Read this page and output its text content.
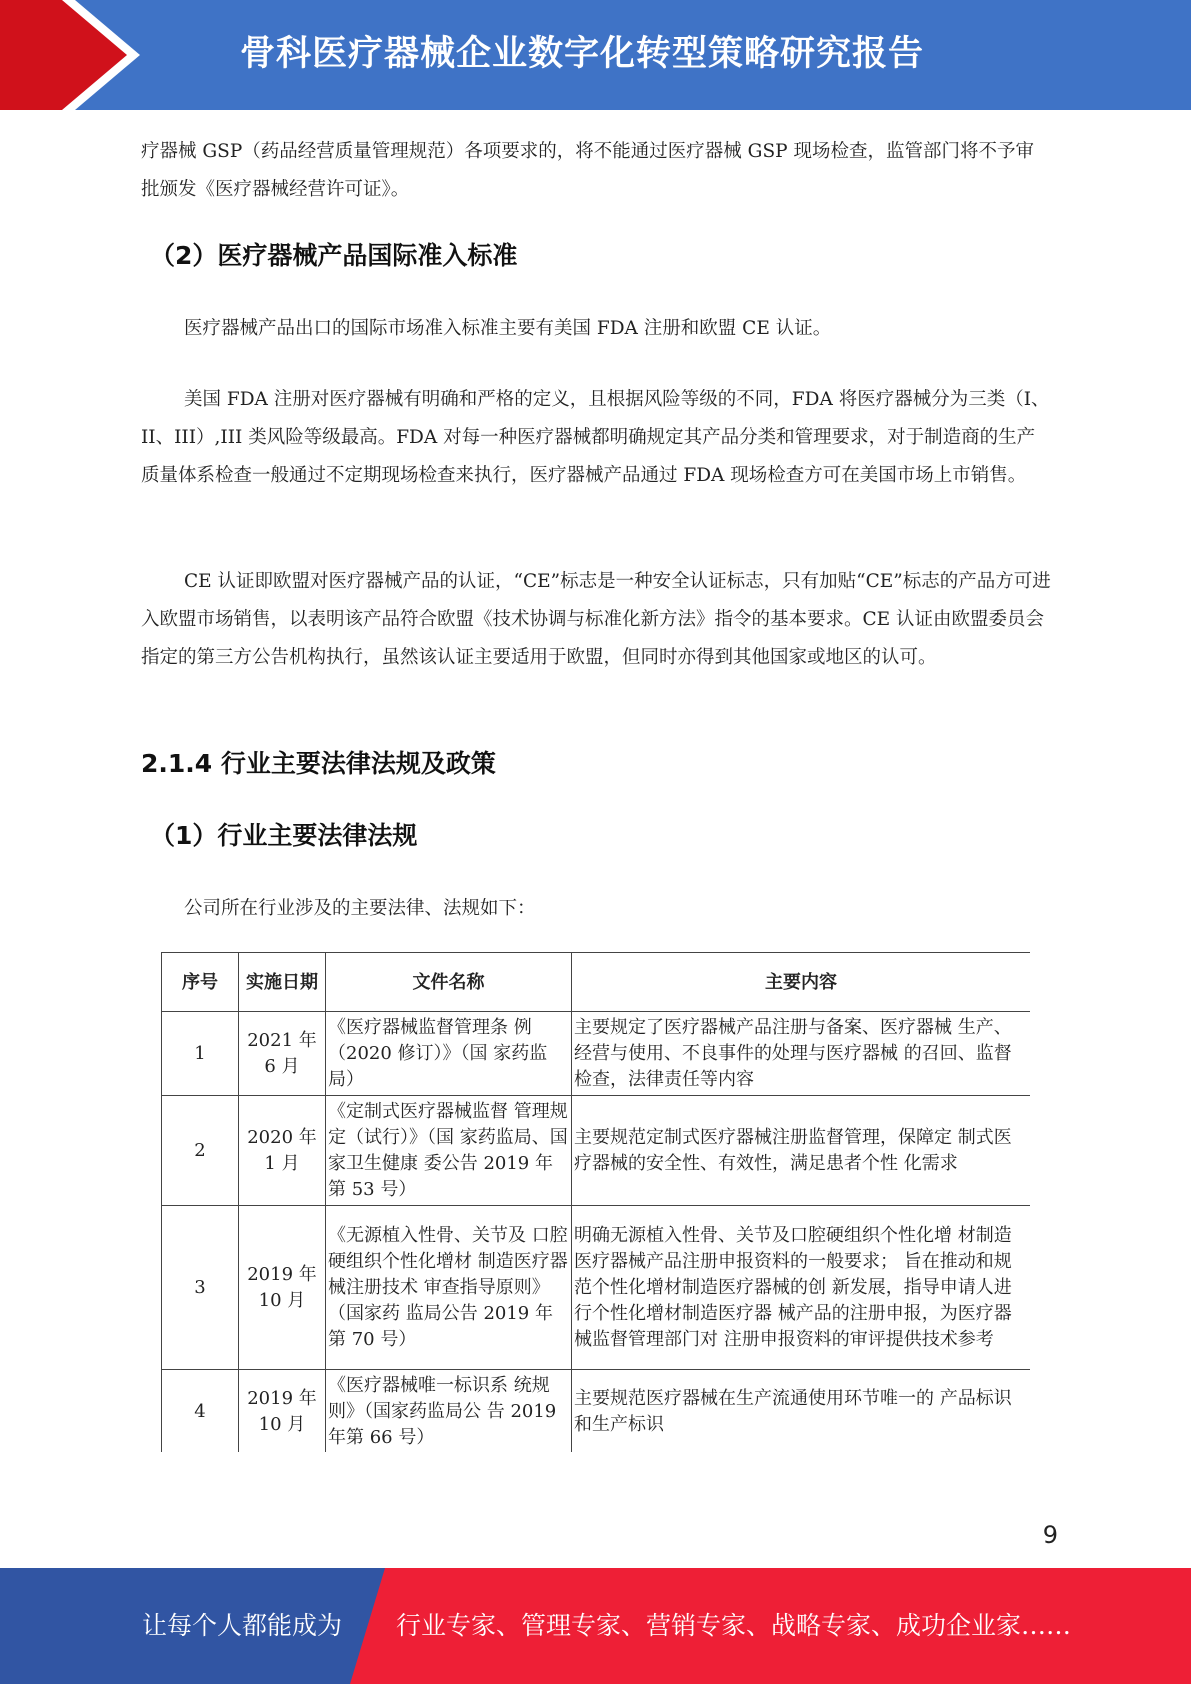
骨科医疗器械企业数字化转型策略研究报告

疗器械 GSP（药品经营质量管理规范）各项要求的，将不能通过医疗器械 GSP 现场检查，监管部门将不予审批颁发《医疗器械经营许可证》。

（2）医疗器械产品国际准入标准

医疗器械产品出口的国际市场准入标准主要有美国 FDA 注册和欧盟 CE 认证。

美国 FDA 注册对医疗器械有明确和严格的定义，且根据风险等级的不同，FDA 将医疗器械分为三类（I、II、III）,III 类风险等级最高。FDA 对每一种医疗器械都明确规定其产品分类和管理要求，对于制造商的生产质量体系检查一般通过不定期现场检查来执行，医疗器械产品通过 FDA 现场检查方可在美国市场上市销售。

CE 认证即欧盟对医疗器械产品的认证，“CE”标志是一种安全认证标志，只有加贴“CE”标志的产品方可进入欧盟市场销售，以表明该产品符合欧盟《技术协调与标准化新方法》指令的基本要求。CE 认证由欧盟委员会指定的第三方公告机构执行，虽然该认证主要适用于欧盟，但同时亦得到其他国家或地区的认可。

2.1.4 行业主要法律法规及政策
（1）行业主要法律法规

公司所在行业涉及的主要法律、法规如下：

序号	实施日期	文件名称	主要内容
1	2021 年 6 月	《医疗器械监督管理条 例（2020 修订）》（国 家药监局）	主要规定了医疗器械产品注册与备案、医疗器械 生产、经营与使用、不良事件的处理与医疗器械 的召回、监督检查，法律责任等内容
2	2020 年 1 月	《定制式医疗器械监督 管理规定（试行）》（国 家药监局、国家卫生健康 委公告 2019 年第 53 号）	主要规范定制式医疗器械注册监督管理，保障定 制式医疗器械的安全性、有效性，满足患者个性 化需求
3	2019 年 10 月	《无源植入性骨、关节及 口腔硬组织个性化增材 制造医疗器械注册技术 审查指导原则》（国家药 监局公告 2019 年第 70 号）	明确无源植入性骨、关节及口腔硬组织个性化增 材制造医疗器械产品注册申报资料的一般要求； 旨在推动和规范个性化增材制造医疗器械的创 新发展，指导申请人进行个性化增材制造医疗器 械产品的注册申报，为医疗器械监督管理部门对 注册申报资料的审评提供技术参考
4	2019 年 10 月	《医疗器械唯一标识系 统规则》（国家药监局公 告 2019 年第 66 号）	主要规范医疗器械在生产流通使用环节唯一的 产品标识和生产标识
9
让每个人都能成为	行业专家、管理专家、营销专家、战略专家、成功企业家……
